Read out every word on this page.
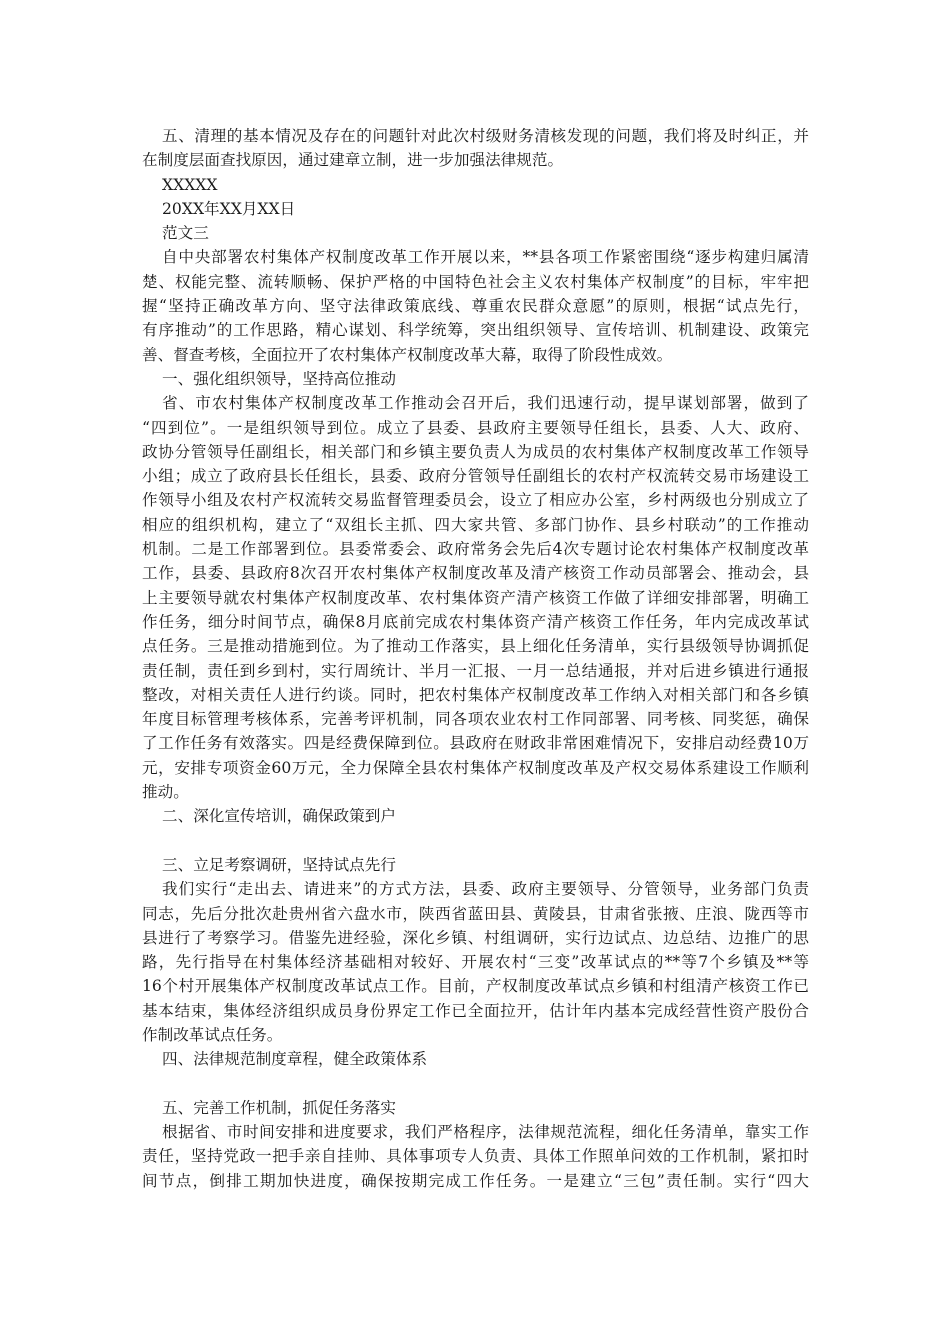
五、清理的基本情况及存在的问题针对此次村级财务清核发现的问题，我们将及时纠正，并
在制度层面查找原因，通过建章立制，进一步加强法律规范。
XXXXX
20XX年XX月XX日
范文三
自中央部署农村集体产权制度改革工作开展以来，**县各项工作紧密围绕“逐步构建归属清
楚、权能完整、流转顺畅、保护严格的中国特色社会主义农村集体产权制度”的目标，牢牢把
握“坚持正确改革方向、坚守法律政策底线、尊重农民群众意愿”的原则，根据“试点先行，
有序推动”的工作思路，精心谋划、科学统筹，突出组织领导、宣传培训、机制建设、政策完
善、督查考核，全面拉开了农村集体产权制度改革大幕，取得了阶段性成效。
一、强化组织领导，坚持高位推动
省、市农村集体产权制度改革工作推动会召开后，我们迅速行动，提早谋划部署，做到了
“四到位”。一是组织领导到位。成立了县委、县政府主要领导任组长，县委、人大、政府、
政协分管领导任副组长，相关部门和乡镇主要负责人为成员的农村集体产权制度改革工作领导
小组；成立了政府县长任组长，县委、政府分管领导任副组长的农村产权流转交易市场建设工
作领导小组及农村产权流转交易监督管理委员会，设立了相应办公室，乡村两级也分别成立了
相应的组织机构，建立了“双组长主抓、四大家共管、多部门协作、县乡村联动”的工作推动
机制。二是工作部署到位。县委常委会、政府常务会先后4次专题讨论农村集体产权制度改革
工作，县委、县政府8次召开农村集体产权制度改革及清产核资工作动员部署会、推动会，县
上主要领导就农村集体产权制度改革、农村集体资产清产核资工作做了详细安排部署，明确工
作任务，细分时间节点，确保8月底前完成农村集体资产清产核资工作任务，年内完成改革试
点任务。三是推动措施到位。为了推动工作落实，县上细化任务清单，实行县级领导协调抓促
责任制，责任到乡到村，实行周统计、半月一汇报、一月一总结通报，并对后进乡镇进行通报
整改，对相关责任人进行约谈。同时，把农村集体产权制度改革工作纳入对相关部门和各乡镇
年度目标管理考核体系，完善考评机制，同各项农业农村工作同部署、同考核、同奖惩，确保
了工作任务有效落实。四是经费保障到位。县政府在财政非常困难情况下，安排启动经费10万
元，安排专项资金60万元，全力保障全县农村集体产权制度改革及产权交易体系建设工作顺利
推动。
二、深化宣传培训，确保政策到户
三、立足考察调研，坚持试点先行
我们实行“走出去、请进来”的方式方法，县委、政府主要领导、分管领导，业务部门负责
同志，先后分批次赴贵州省六盘水市，陕西省蓝田县、黄陵县，甘肃省张掖、庄浪、陇西等市
县进行了考察学习。借鉴先进经验，深化乡镇、村组调研，实行边试点、边总结、边推广的思
路，先行指导在村集体经济基础相对较好、开展农村“三变”改革试点的**等7个乡镇及**等
16个村开展集体产权制度改革试点工作。目前，产权制度改革试点乡镇和村组清产核资工作已
基本结束，集体经济组织成员身份界定工作已全面拉开，估计年内基本完成经营性资产股份合
作制改革试点任务。
四、法律规范制度章程，健全政策体系
五、完善工作机制，抓促任务落实
根据省、市时间安排和进度要求，我们严格程序，法律规范流程，细化任务清单，靠实工作
责任，坚持党政一把手亲自挂帅、具体事项专人负责、具体工作照单问效的工作机制，紧扣时
间节点，倒排工期加快进度，确保按期完成工作任务。一是建立“三包”责任制。实行“四大
